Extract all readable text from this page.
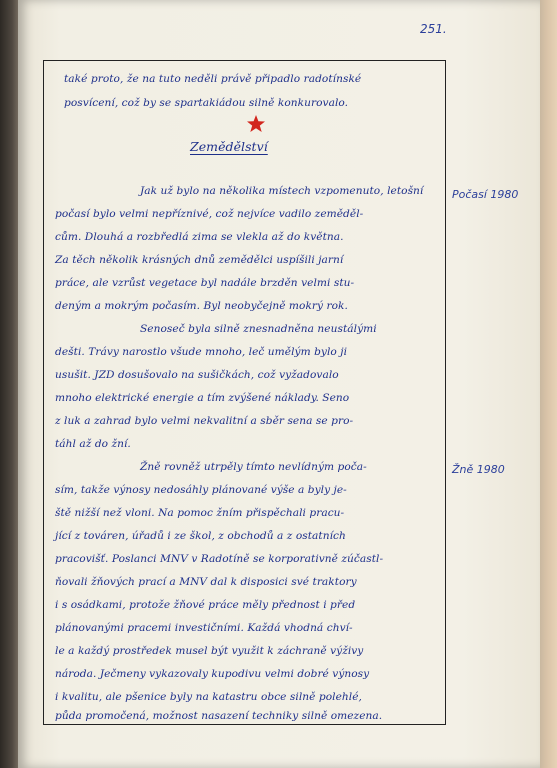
251.
také proto, že na tuto neděli právě připadlo radotínské
posvícení, což by se spartakiádou silně konkurovalo.
Zemědělství
Jak už bylo na několika místech vzpomenuto, letošní
počasí bylo velmi nepříznivé, což nejvíce vadilo zeměděl-
cům. Dlouhá a rozbředlá zima se vlekla až do května.
Za těch několik krásných dnů zemědělci uspíšili jarní
práce, ale vzrůst vegetace byl nadále brzděn velmi stu-
deným a mokrým počasím. Byl neobyčejně mokrý rok.
Senoseč byla silně znesnadněna neustálými
dešti. Trávy narostlo všude mnoho, leč umělým bylo ji
usušit. JZD dosušovalo na sušičkách, což vyžadovalo
mnoho elektrické energie a tím zvýšené náklady. Seno
z luk a zahrad bylo velmi nekvalitní a sběr sena se pro-
táhl až do žní.
Žně rovněž utrpěly tímto nevlídným poča-
sím, takže výnosy nedosáhly plánované výše a byly je-
ště nižší než vloni. Na pomoc žním přispěchali pracu-
jící z továren, úřadů i ze škol, z obchodů a z ostatních
pracovišť. Poslanci MNV v Radotíně se korporativně zúčastl-
ňovali žňových prací a MNV dal k disposici své traktory
i s osádkami, protože žňové práce měly přednost i před
plánovanými pracemi investičními. Každá vhodná chví-
le a každý prostředek musel být využit k záchraně výživy
národa. Ječmeny vykazovaly kupodivu velmi dobré výnosy
i kvalitu, ale pšenice byly na katastru obce silně polehlé,
půda promočená, možnost nasazení techniky silně omezena.
Počasí 1980
Žně 1980
